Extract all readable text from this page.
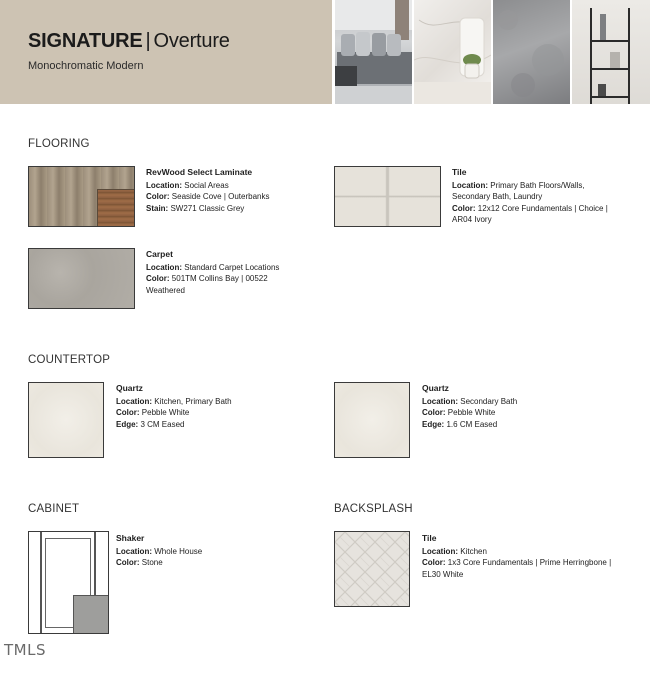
SIGNATURE | Overture
Monochromatic Modern
FLOORING
RevWood Select Laminate
Location: Social Areas
Color: Seaside Cove | Outerbanks
Stain: SW271 Classic Grey
Tile
Location: Primary Bath Floors/Walls,
Secondary Bath, Laundry
Color: 12x12 Core Fundamentals | Choice |
AR04 Ivory
Carpet
Location: Standard Carpet Locations
Color: 501TM Collins Bay | 00522
Weathered
COUNTERTOP
Quartz
Location: Kitchen, Primary Bath
Color: Pebble White
Edge: 3 CM Eased
Quartz
Location: Secondary Bath
Color: Pebble White
Edge: 1.6 CM Eased
CABINET
Shaker
Location: Whole House
Color: Stone
BACKSPLASH
Tile
Location: Kitchen
Color: 1x3 Core Fundamentals | Prime Herringbone |
EL30 White
TMLS
